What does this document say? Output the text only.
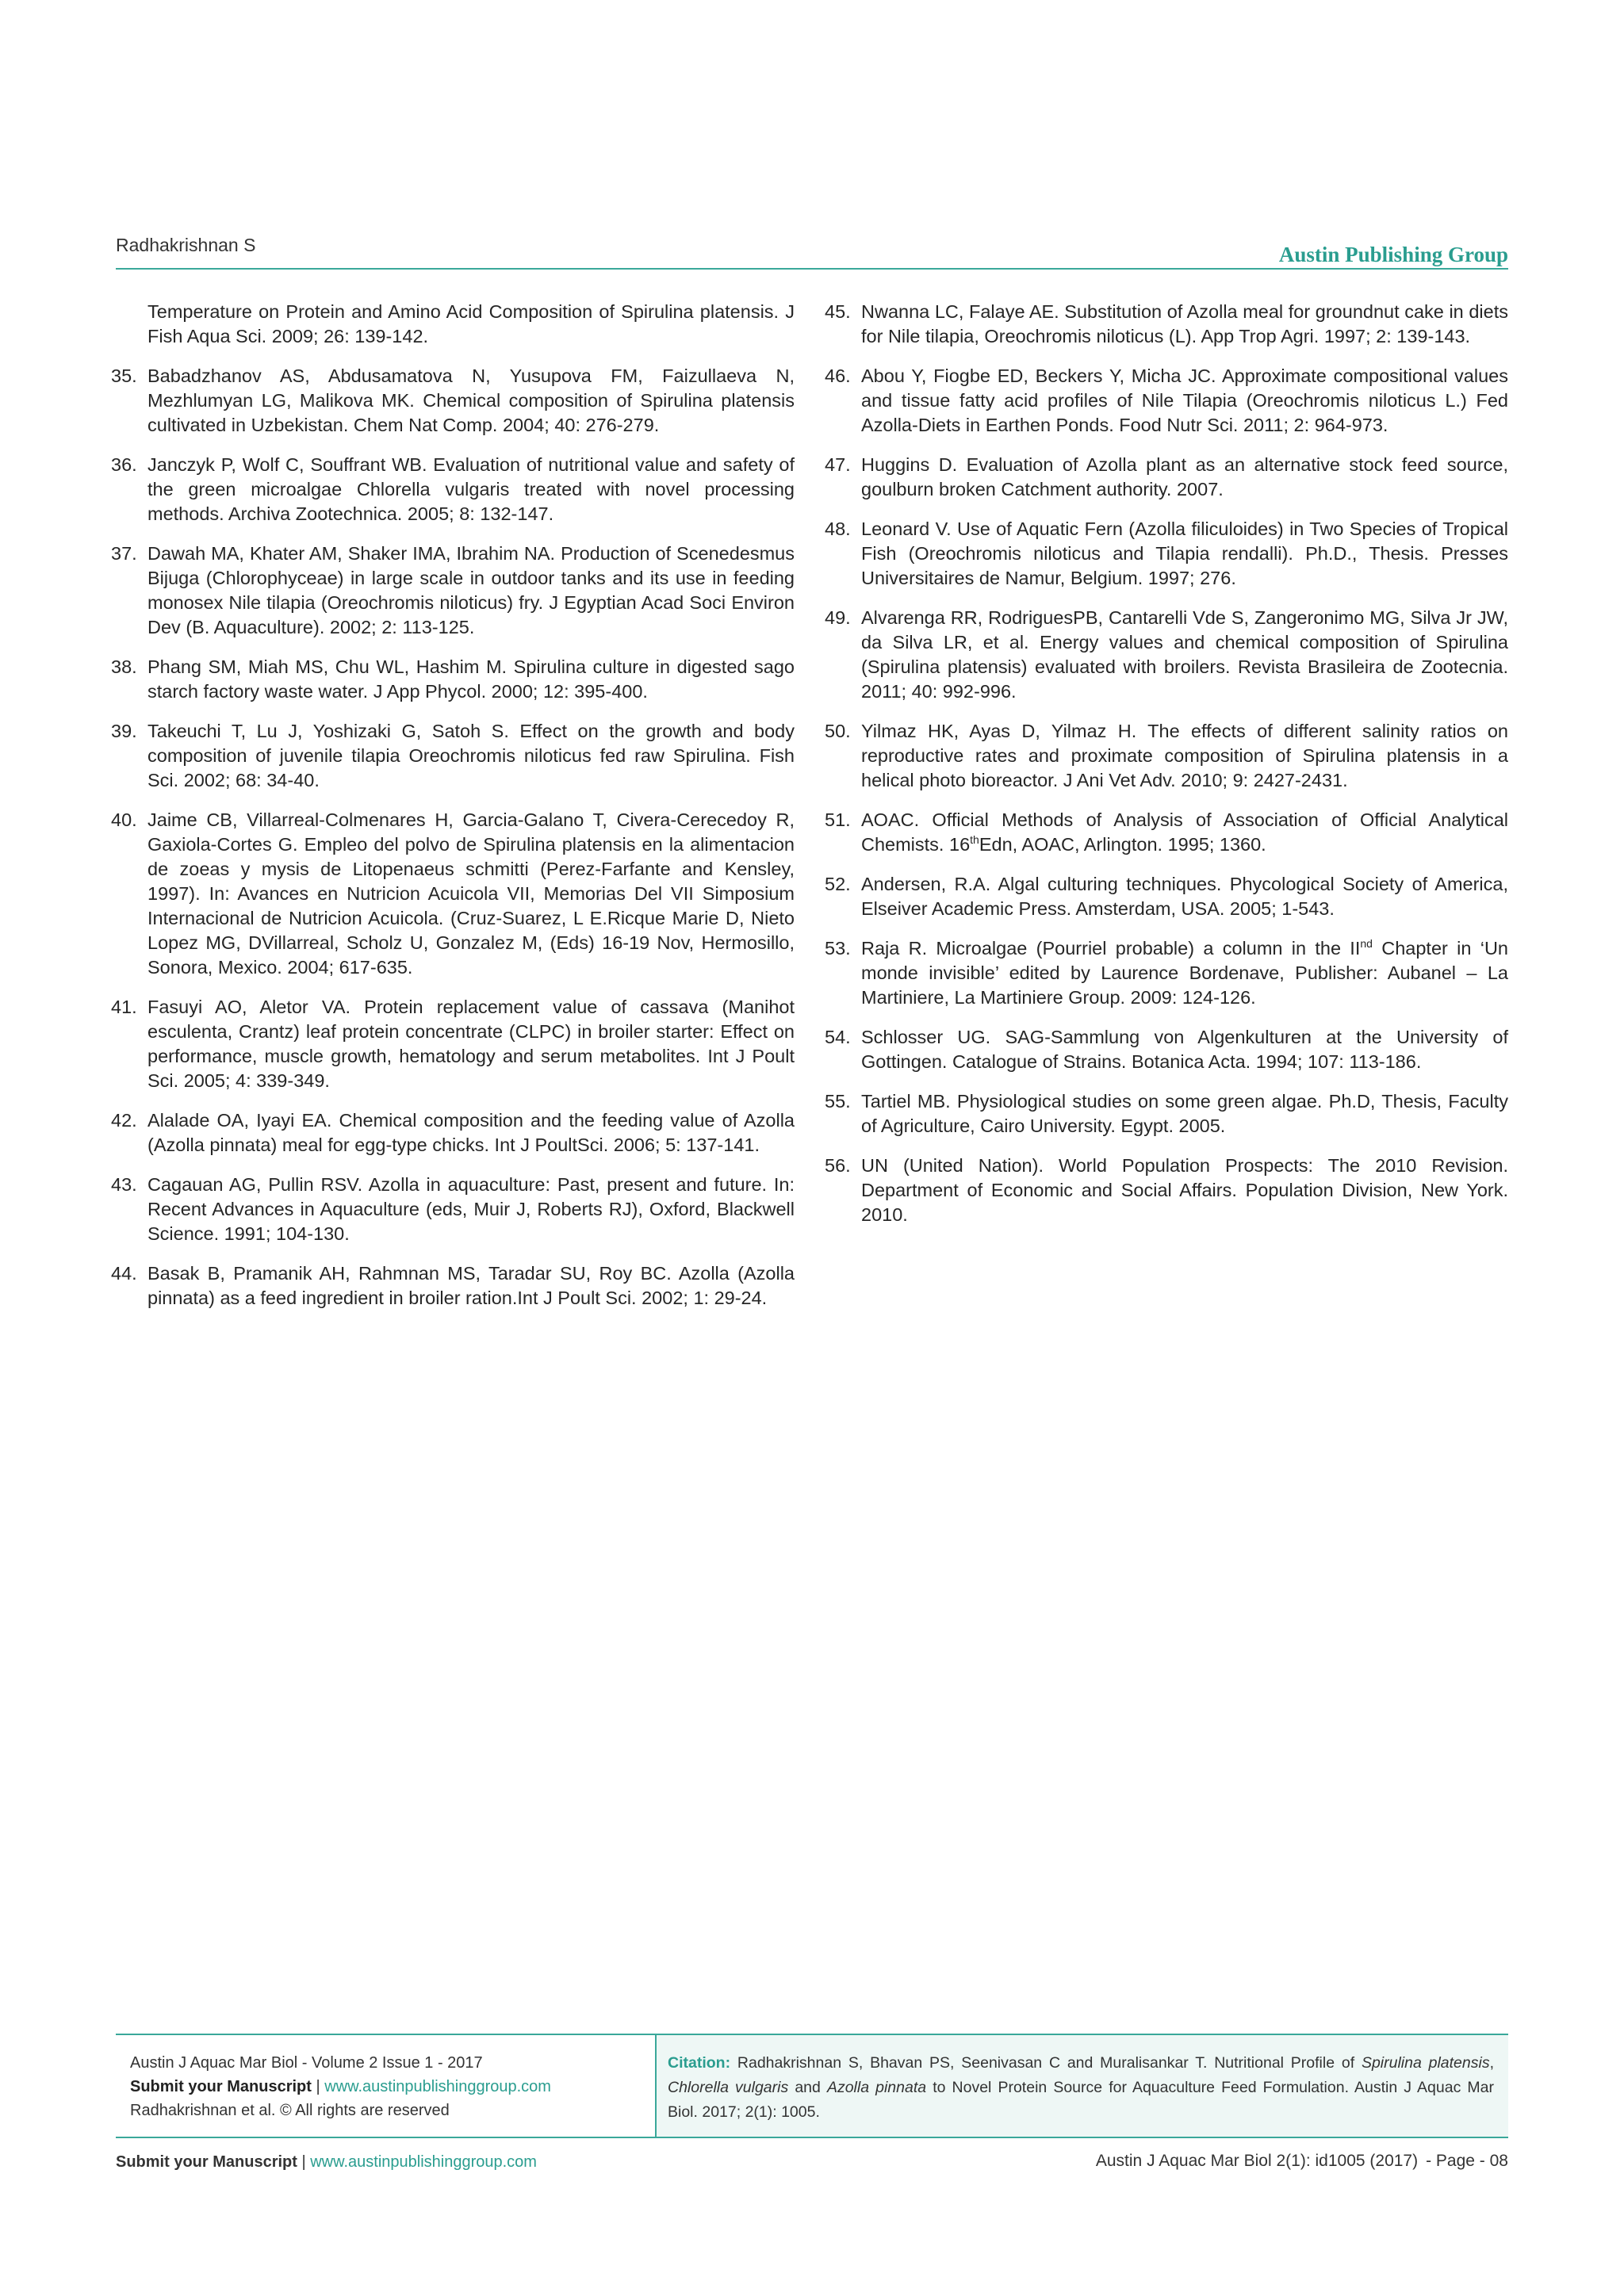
Radhakrishnan S	Austin Publishing Group
Temperature on Protein and Amino Acid Composition of Spirulina platensis. J Fish Aqua Sci. 2009; 26: 139-142.
35. Babadzhanov AS, Abdusamatova N, Yusupova FM, Faizullaeva N, Mezhlumyan LG, Malikova MK. Chemical composition of Spirulina platensis cultivated in Uzbekistan. Chem Nat Comp. 2004; 40: 276-279.
36. Janczyk P, Wolf C, Souffrant WB. Evaluation of nutritional value and safety of the green microalgae Chlorella vulgaris treated with novel processing methods. Archiva Zootechnica. 2005; 8: 132-147.
37. Dawah MA, Khater AM, Shaker IMA, Ibrahim NA. Production of Scenedesmus Bijuga (Chlorophyceae) in large scale in outdoor tanks and its use in feeding monosex Nile tilapia (Oreochromis niloticus) fry. J Egyptian Acad Soci Environ Dev (B. Aquaculture). 2002; 2: 113-125.
38. Phang SM, Miah MS, Chu WL, Hashim M. Spirulina culture in digested sago starch factory waste water. J App Phycol. 2000; 12: 395-400.
39. Takeuchi T, Lu J, Yoshizaki G, Satoh S. Effect on the growth and body composition of juvenile tilapia Oreochromis niloticus fed raw Spirulina. Fish Sci. 2002; 68: 34-40.
40. Jaime CB, Villarreal-Colmenares H, Garcia-Galano T, Civera-Cerecedoy R, Gaxiola-Cortes G. Empleo del polvo de Spirulina platensis en la alimentacion de zoeas y mysis de Litopenaeus schmitti (Perez-Farfante and Kensley, 1997). In: Avances en Nutricion Acuicola VII, Memorias Del VII Simposium Internacional de Nutricion Acuicola. (Cruz-Suarez, L E.Ricque Marie D, Nieto Lopez MG, DVillarreal, Scholz U, Gonzalez M, (Eds) 16-19 Nov, Hermosillo, Sonora, Mexico. 2004; 617-635.
41. Fasuyi AO, Aletor VA. Protein replacement value of cassava (Manihot esculenta, Crantz) leaf protein concentrate (CLPC) in broiler starter: Effect on performance, muscle growth, hematology and serum metabolites. Int J Poult Sci. 2005; 4: 339-349.
42. Alalade OA, Iyayi EA. Chemical composition and the feeding value of Azolla (Azolla pinnata) meal for egg-type chicks. Int J PoultSci. 2006; 5: 137-141.
43. Cagauan AG, Pullin RSV. Azolla in aquaculture: Past, present and future. In: Recent Advances in Aquaculture (eds, Muir J, Roberts RJ), Oxford, Blackwell Science. 1991; 104-130.
44. Basak B, Pramanik AH, Rahmnan MS, Taradar SU, Roy BC. Azolla (Azolla pinnata) as a feed ingredient in broiler ration.Int J Poult Sci. 2002; 1: 29-24.
45. Nwanna LC, Falaye AE. Substitution of Azolla meal for groundnut cake in diets for Nile tilapia, Oreochromis niloticus (L). App Trop Agri. 1997; 2: 139-143.
46. Abou Y, Fiogbe ED, Beckers Y, Micha JC. Approximate compositional values and tissue fatty acid profiles of Nile Tilapia (Oreochromis niloticus L.) Fed Azolla-Diets in Earthen Ponds. Food Nutr Sci. 2011; 2: 964-973.
47. Huggins D. Evaluation of Azolla plant as an alternative stock feed source, goulburn broken Catchment authority. 2007.
48. Leonard V. Use of Aquatic Fern (Azolla filiculoides) in Two Species of Tropical Fish (Oreochromis niloticus and Tilapia rendalli). Ph.D., Thesis. Presses Universitaires de Namur, Belgium. 1997; 276.
49. Alvarenga RR, RodriguesPB, Cantarelli Vde S, Zangeronimo MG, Silva Jr JW, da Silva LR, et al. Energy values and chemical composition of Spirulina (Spirulina platensis) evaluated with broilers. Revista Brasileira de Zootecnia. 2011; 40: 992-996.
50. Yilmaz HK, Ayas D, Yilmaz H. The effects of different salinity ratios on reproductive rates and proximate composition of Spirulina platensis in a helical photo bioreactor. J Ani Vet Adv. 2010; 9: 2427-2431.
51. AOAC. Official Methods of Analysis of Association of Official Analytical Chemists. 16thEdn, AOAC, Arlington. 1995; 1360.
52. Andersen, R.A. Algal culturing techniques. Phycological Society of America, Elseiver Academic Press. Amsterdam, USA. 2005; 1-543.
53. Raja R. Microalgae (Pourriel probable) a column in the IInd Chapter in ‘Un monde invisible’ edited by Laurence Bordenave, Publisher: Aubanel – La Martiniere, La Martiniere Group. 2009: 124-126.
54. Schlosser UG. SAG-Sammlung von Algenkulturen at the University of Gottingen. Catalogue of Strains. Botanica Acta. 1994; 107: 113-186.
55. Tartiel MB. Physiological studies on some green algae. Ph.D, Thesis, Faculty of Agriculture, Cairo University. Egypt. 2005.
56. UN (United Nation). World Population Prospects: The 2010 Revision. Department of Economic and Social Affairs. Population Division, New York. 2010.
Austin J Aquac Mar Biol - Volume 2 Issue 1 - 2017
Submit your Manuscript | www.austinpublishinggroup.com
Radhakrishnan et al. © All rights are reserved
Citation: Radhakrishnan S, Bhavan PS, Seenivasan C and Muralisankar T. Nutritional Profile of Spirulina platensis, Chlorella vulgaris and Azolla pinnata to Novel Protein Source for Aquaculture Feed Formulation. Austin J Aquac Mar Biol. 2017; 2(1): 1005.
Submit your Manuscript | www.austinpublishinggroup.com	Austin J Aquac Mar Biol 2(1): id1005 (2017) - Page - 08
